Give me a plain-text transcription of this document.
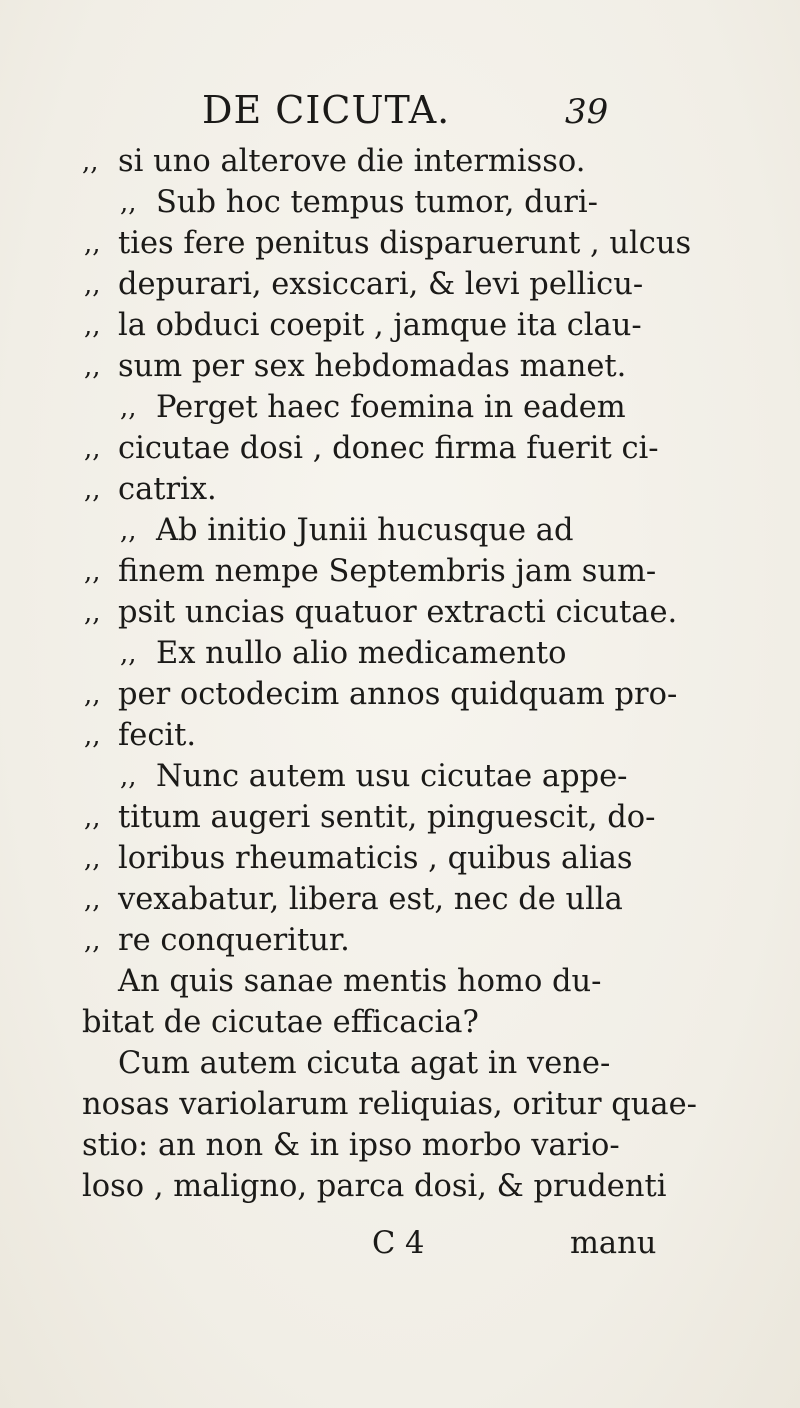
DE CICUTA.	39
,, si uno alterove die intermisso.
,, Sub hoc tempus tumor, duri-
,, ties fere penitus disparuerunt , ulcus
,, depurari, exsiccari, & levi pellicu-
,, la obduci coepit , jamque ita clau-
,, sum per sex hebdomadas manet.
,, Perget haec foemina in eadem
,, cicutae dosi , donec firma fuerit ci-
,, catrix.
,, Ab initio Junii hucusque ad
,, finem nempe Septembris jam sum-
,, psit uncias quatuor extracti cicutae.
,, Ex nullo alio medicamento
,, per octodecim annos quidquam pro-
,, fecit.
,, Nunc autem usu cicutae appe-
,, titum augeri sentit, pinguescit, do-
,, loribus rheumaticis , quibus alias
,, vexabatur, libera est, nec de ulla
,, re conqueritur.
An quis sanae mentis homo du-
bitat de cicutae efficacia?
Cum autem cicuta agat in vene-
nosas variolarum reliquias, oritur quae-
stio: an non & in ipso morbo vario-
loso , maligno, parca dosi, & prudenti
C 4	manu
